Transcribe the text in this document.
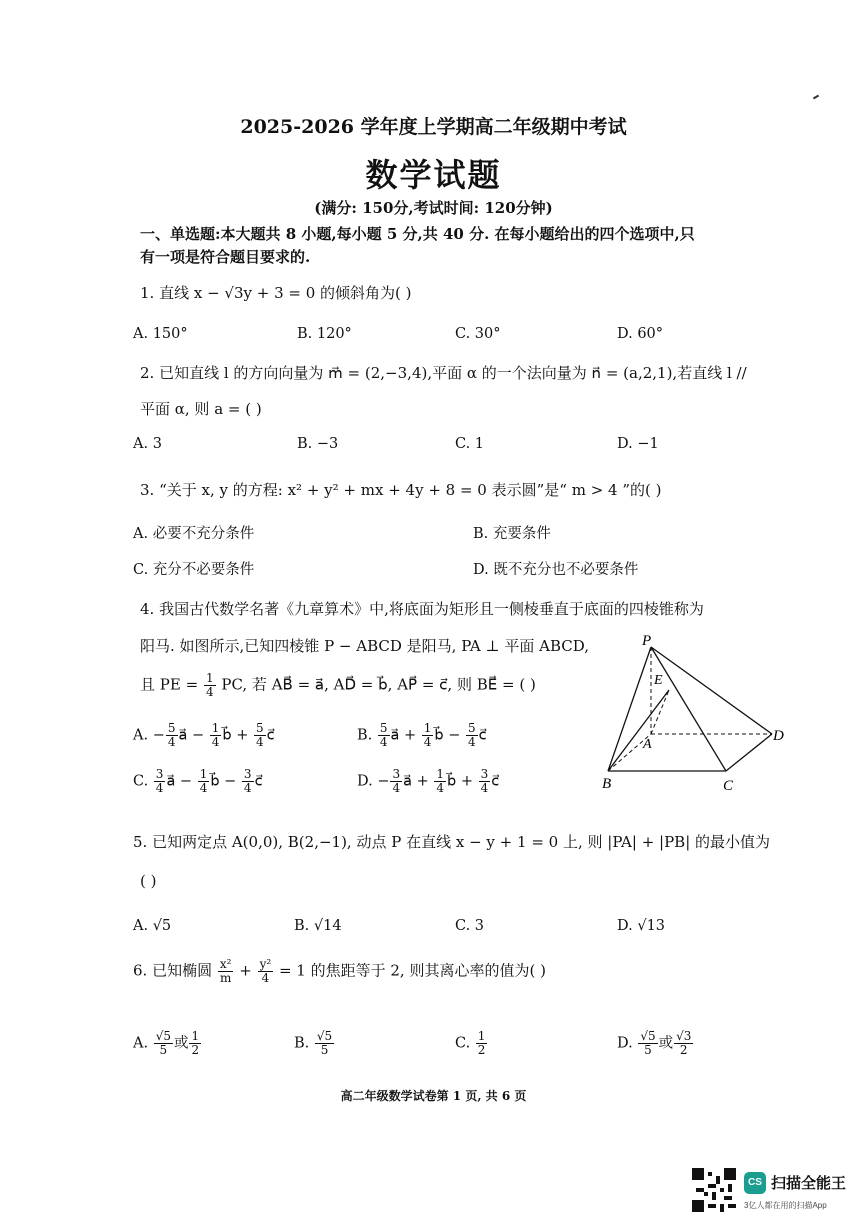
2025-2026 学年度上学期高二年级期中考试
数学试题
(满分: 150分,考试时间: 120分钟)
一、单选题:本大题共 8 小题,每小题 5 分,共 40 分. 在每小题给出的四个选项中,只
有一项是符合题目要求的.
1. 直线 x − √3y + 3 = 0 的倾斜角为( )
A. 150°	B. 120°	C. 30°	D. 60°
2. 已知直线 l 的方向向量为 m⃗ = (2,−3,4),平面 α 的一个法向量为 n⃗ = (a,2,1),若直线 l //
平面 α, 则 a = ( )
A. 3	B. −3	C. 1	D. −1
3. “关于 x, y 的方程: x² + y² + mx + 4y + 8 = 0 表示圆”是“ m > 4 ”的( )
A. 必要不充分条件	B. 充要条件
C. 充分不必要条件	D. 既不充分也不必要条件
4. 我国古代数学名著《九章算术》中,将底面为矩形且一侧棱垂直于底面的四棱锥称为
阳马. 如图所示,已知四棱锥 P − ABCD 是阳马, PA ⊥ 平面 ABCD,
且 PE = $\frac{1}{4}$ PC, 若 AB⃗ = a⃗, AD⃗ = b⃗, AP⃗ = c⃗, 则 BE⃗ = ( )
A. − $\frac{5}{4}$ a⃗ − $\frac{1}{4}$ b⃗ + $\frac{5}{4}$ c⃗	B. $\frac{5}{4}$ a⃗ + $\frac{1}{4}$ b⃗ − $\frac{5}{4}$ c⃗
C. $\frac{3}{4}$ a⃗ − $\frac{1}{4}$ b⃗ − $\frac{3}{4}$ c⃗	D. − $\frac{3}{4}$ a⃗ + $\frac{1}{4}$ b⃗ + $\frac{3}{4}$ c⃗
P
E
A
B	C
D
5. 已知两定点 A(0,0), B(2,−1), 动点 P 在直线 x − y + 1 = 0 上, 则 |PA| + |PB| 的最小值为
( )
A. √5	B. √14	C. 3	D. √13
6. 已知椭圆 $\frac{\text{x²}}{m} + \frac{\text{y²}}{4} = 1$ 的焦距等于 2, 则其离心率的值为( )
A. $\frac{√5}{5}$ 或 $\frac{1}{2}$	B. $\frac{√5}{5}$	C. $\frac{1}{2}$	D. $\frac{√5}{5}$ 或 $\frac{√3}{2}$
高二年级数学试卷第 1 页, 共 6 页
CS 扫描全能王
3亿人都在用的扫描App
